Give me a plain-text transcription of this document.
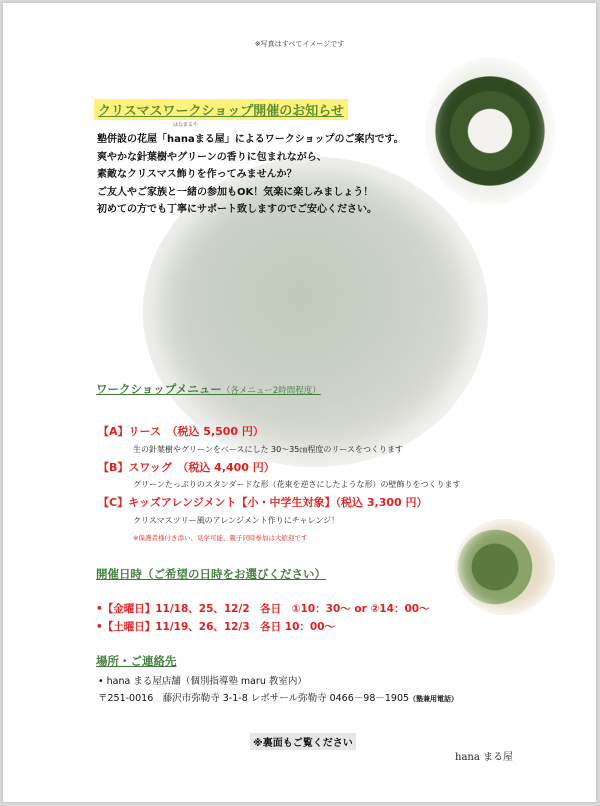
※写真はすべてイメージです
クリスマスワークショップ開催のお知らせ
はなまるや
塾併設の花屋「hanaまる屋」によるワークショップのご案内です。
爽やかな針葉樹やグリーンの香りに包まれながら、
素敵なクリスマス飾りを作ってみませんか？
ご友人やご家族と一緒の参加もOK！気楽に楽しみましょう！
初めての方でも丁寧にサポート致しますのでご安心ください。
ワークショップメニュー（各メニュー2時間程度）
【A】リース　（税込 5,500 円）
生の針葉樹やグリーンをベースにした 30～35㎝程度のリースをつくります
【B】スワッグ　（税込 4,400 円）
グリーンたっぷりのスタンダードな形（花束を逆さにしたような形）の壁飾りをつくります
【C】キッズアレンジメント【小・中学生対象】（税込 3,300 円）
クリスマスツリー風のアレンジメント作りにチャレンジ！
※保護者様付き添い、見学可能、親子同時参加は大歓迎です
開催日時（ご希望の日時をお選びください）
•【金曜日】11/18、25、12/2　各日　①10：30～ or ②14：00～
•【土曜日】11/19、26、12/3　各日 10：00～
場所・ご連絡先
• hana まる屋店舗（個別指導塾 maru 教室内）
〒251-0016　藤沢市弥勒寺 3-1-8 レボサール弥勒寺 0466－98－1905（塾兼用電話）
※裏面もご覧ください
hana まる屋
